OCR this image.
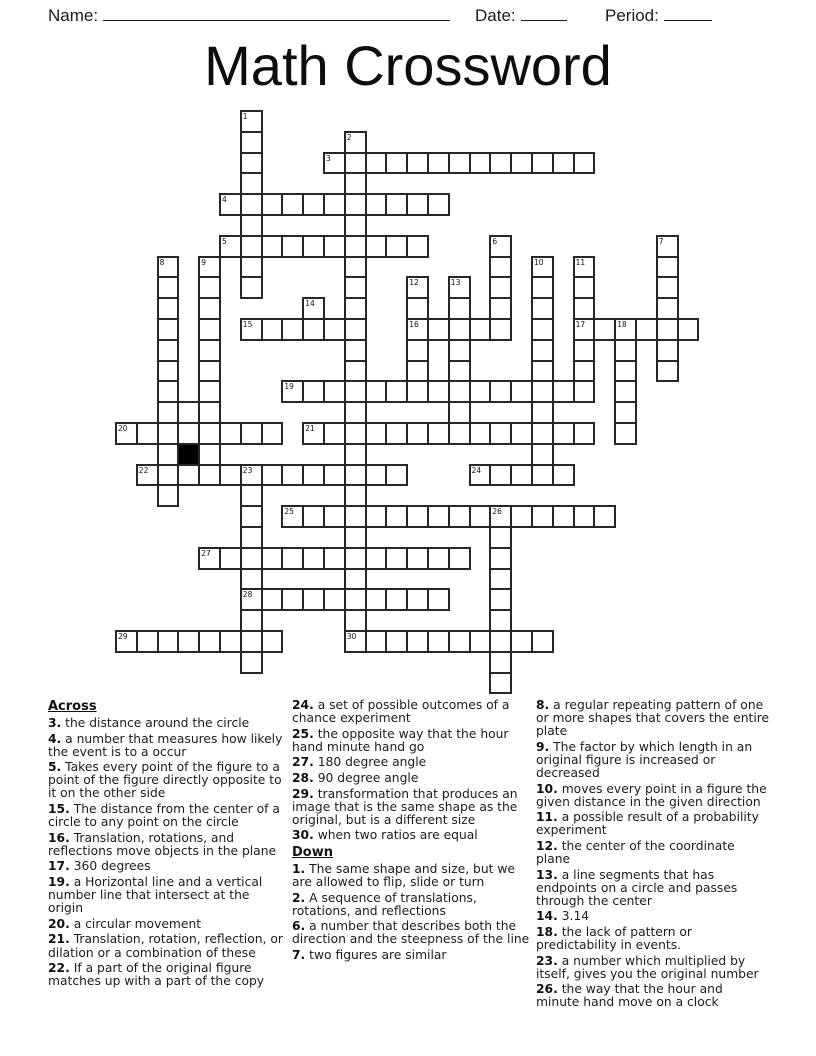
Name:	Date:	Period:
Math Crossword
3
4
5
15	16	17	18
19
20	21
22	23	24
25	26
27
28
29	30
1
2
6	7
8	9	10	11
12	13
14
Across
3. the distance around the circle
4. a number that measures how likely the event is to a occur
5. Takes every point of the figure to a point of the figure directly opposite to it on the other side
15. The distance from the center of a circle to any point on the circle
16. Translation, rotations, and reflections move objects in the plane
17. 360 degrees
19. a Horizontal line and a vertical number line that intersect at the origin
20. a circular movement
21. Translation, rotation, reflection, or dilation or a combination of these
22. If a part of the original figure matches up with a part of the copy
24. a set of possible outcomes of a chance experiment
25. the opposite way that the hour hand minute hand go
27. 180 degree angle
28. 90 degree angle
29. transformation that produces an image that is the same shape as the original, but is a different size
30. when two ratios are equal
Down
1. The same shape and size, but we are allowed to flip, slide or turn
2. A sequence of translations, rotations, and reflections
6. a number that describes both the direction and the steepness of the line
7. two figures are similar
8. a regular repeating pattern of one or more shapes that covers the entire plate
9. The factor by which length in an original figure is increased or decreased
10. moves every point in a figure the given distance in the given direction
11. a possible result of a probability experiment
12. the center of the coordinate plane
13. a line segments that has endpoints on a circle and passes through the center
14. 3.14
18. the lack of pattern or predictability in events.
23. a number which multiplied by itself, gives you the original number
26. the way that the hour and minute hand move on a clock
